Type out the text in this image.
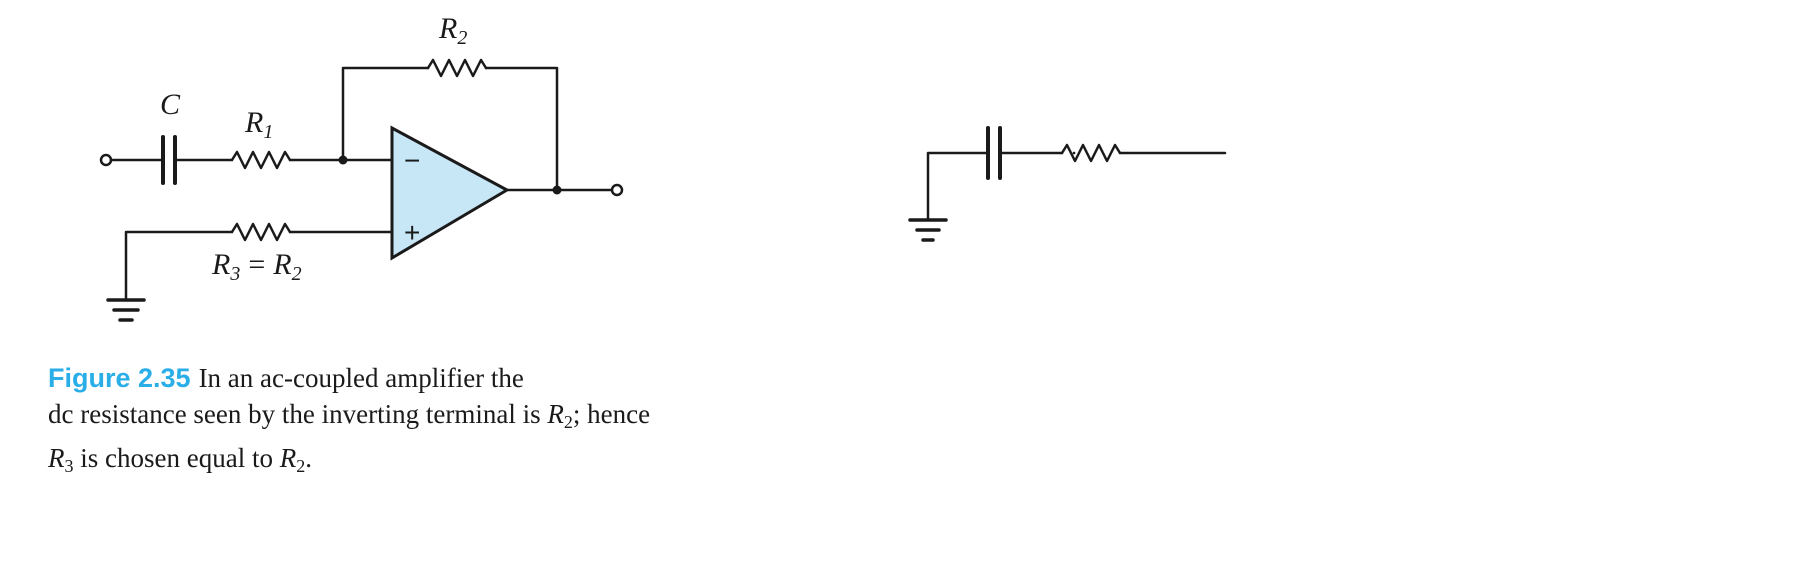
−
+
C
$R_1$
$R_2$
$R_3 = R_2$

Figure 2.35 In an ac-coupled amplifier the
dc resistance seen by the inverting terminal is R2; hence
R3 is chosen equal to R2.
